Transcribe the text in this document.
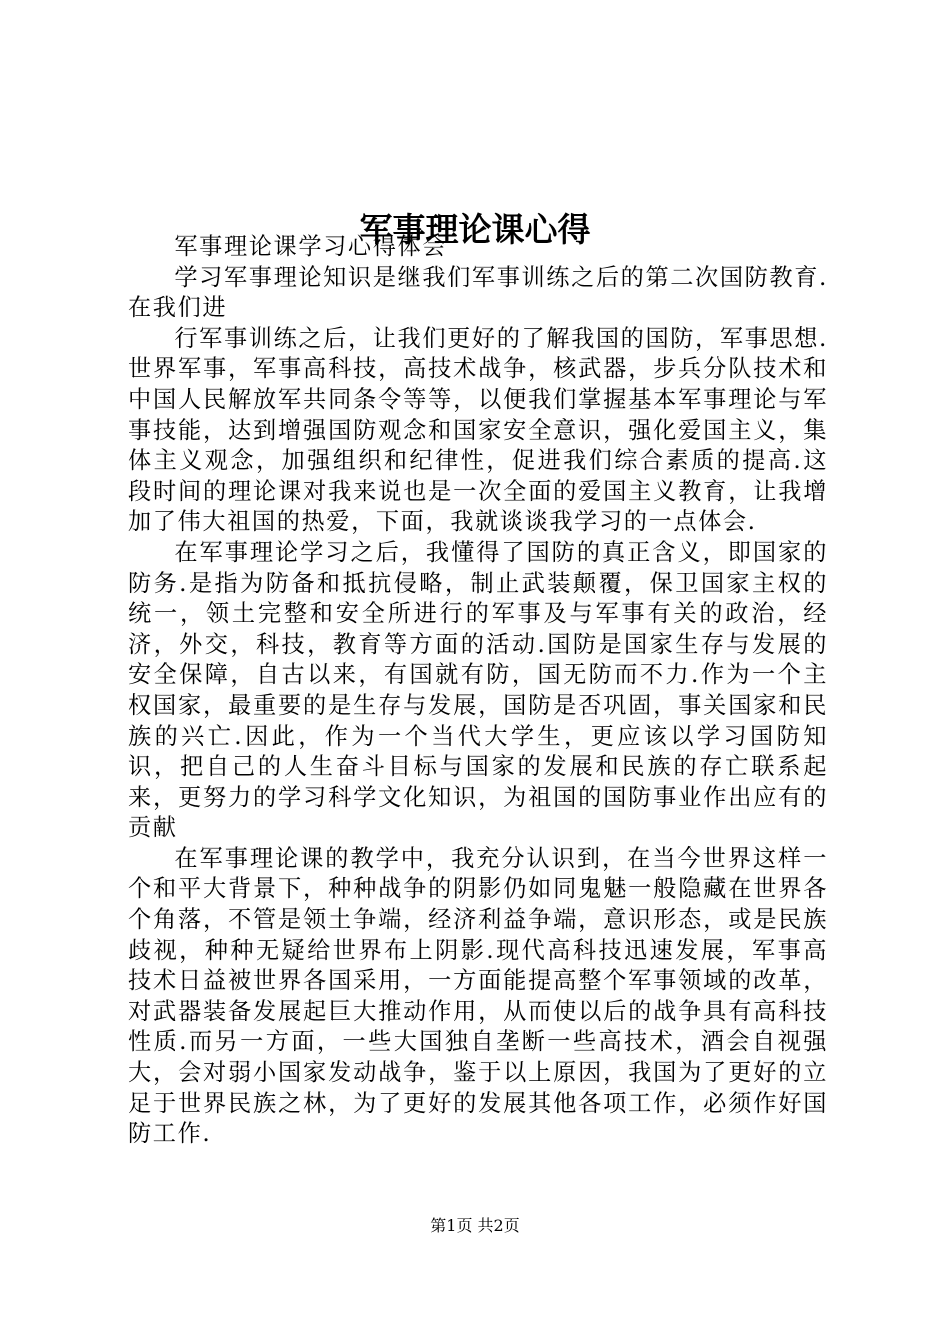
军事理论课心得

军事理论课学习心得体会

学习军事理论知识是继我们军事训练之后的第二次国防教育.在我们进

行军事训练之后，让我们更好的了解我国的国防，军事思想.世界军事，军事高科技，高技术战争，核武器，步兵分队技术和中国人民解放军共同条令等等，以便我们掌握基本军事理论与军事技能，达到增强国防观念和国家安全意识，强化爱国主义，集体主义观念，加强组织和纪律性，促进我们综合素质的提高.这段时间的理论课对我来说也是一次全面的爱国主义教育，让我增加了伟大祖国的热爱，下面，我就谈谈我学习的一点体会.

在军事理论学习之后，我懂得了国防的真正含义，即国家的防务.是指为防备和抵抗侵略，制止武装颠覆，保卫国家主权的统一，领土完整和安全所进行的军事及与军事有关的政治，经济，外交，科技，教育等方面的活动.国防是国家生存与发展的安全保障，自古以来，有国就有防，国无防而不力.作为一个主权国家，最重要的是生存与发展，国防是否巩固，事关国家和民族的兴亡.因此，作为一个当代大学生，更应该以学习国防知识，把自己的人生奋斗目标与国家的发展和民族的存亡联系起来，更努力的学习科学文化知识，为祖国的国防事业作出应有的贡献

在军事理论课的教学中，我充分认识到，在当今世界这样一个和平大背景下，种种战争的阴影仍如同鬼魅一般隐藏在世界各个角落，不管是领土争端，经济利益争端，意识形态，或是民族歧视，种种无疑给世界布上阴影.现代高科技迅速发展，军事高技术日益被世界各国采用，一方面能提高整个军事领域的改革，对武器装备发展起巨大推动作用，从而使以后的战争具有高科技性质.而另一方面，一些大国独自垄断一些高技术，酒会自视强大，会对弱小国家发动战争，鉴于以上原因，我国为了更好的立足于世界民族之林，为了更好的发展其他各项工作，必须作好国防工作.

第1页 共2页
